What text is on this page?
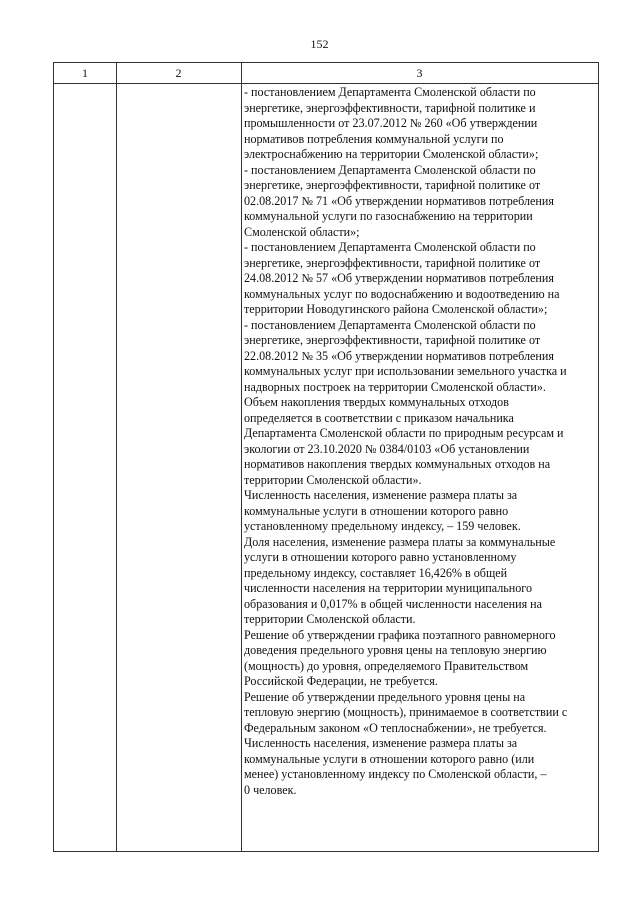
152
1	2	3

- постановлением Департамента Смоленской области по
энергетике, энергоэффективности, тарифной политике и
промышленности от 23.07.2012 № 260 «Об утверждении
нормативов потребления коммунальной услуги по
электроснабжению на территории Смоленской области»;

- постановлением Департамента Смоленской области по
энергетике, энергоэффективности, тарифной политике от
02.08.2017 № 71 «Об утверждении нормативов потребления
коммунальной услуги по газоснабжению на территории
Смоленской области»;

- постановлением Департамента Смоленской области по
энергетике, энергоэффективности, тарифной политике от
24.08.2012 № 57 «Об утверждении нормативов потребления
коммунальных услуг по водоснабжению и водоотведению на
территории Новодугинского района Смоленской области»;

- постановлением Департамента Смоленской области по
энергетике, энергоэффективности, тарифной политике от
22.08.2012 № 35 «Об утверждении нормативов потребления
коммунальных услуг при использовании земельного участка и
надворных построек на территории Смоленской области».

Объем накопления твердых коммунальных отходов
определяется в соответствии с приказом начальника
Департамента Смоленской области по природным ресурсам и
экологии от 23.10.2020 № 0384/0103 «Об установлении
нормативов накопления твердых коммунальных отходов на
территории Смоленской области».

Численность населения, изменение размера платы за
коммунальные услуги в отношении которого равно
установленному предельному индексу, – 159 человек.

Доля населения, изменение размера платы за коммунальные
услуги в отношении которого равно установленному
предельному индексу, составляет 16,426% в общей
численности населения на территории муниципального
образования и 0,017% в общей численности населения на
территории Смоленской области.

Решение об утверждении графика поэтапного равномерного
доведения предельного уровня цены на тепловую энергию
(мощность) до уровня, определяемого Правительством
Российской Федерации, не требуется.

Решение об утверждении предельного уровня цены на
тепловую энергию (мощность), принимаемое в соответствии с
Федеральным законом «О теплоснабжении», не требуется.

Численность населения, изменение размера платы за
коммунальные услуги в отношении которого равно (или
менее) установленному индексу по Смоленской области, –
0 человек.
